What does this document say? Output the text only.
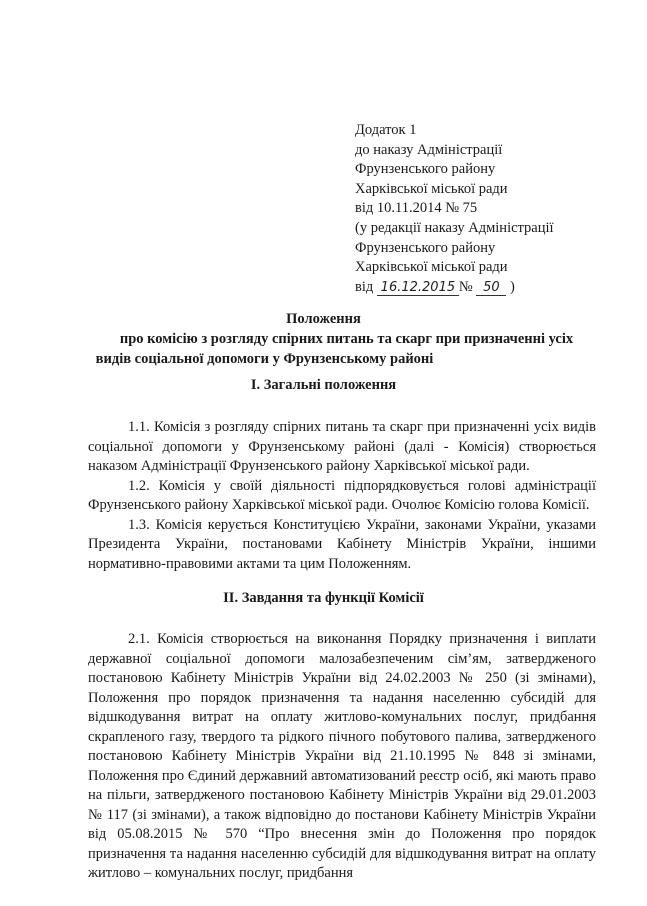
Додаток 1
до наказу Адміністрації
Фрунзенського району
Харківської міської ради
від 10.11.2014 № 75
(у редакції наказу Адміністрації
Фрунзенського району
Харківської міської ради
від 16.12.2015 № 50 )
Положення
про комісію з розгляду спірних питань та скарг при призначенні усіх
видів соціальної допомоги у Фрунзенському районі
І. Загальні положення

1.1. Комісія з розгляду спірних питань та скарг при призначенні усіх видів соціальної допомоги у Фрунзенському районі (далі - Комісія) створюється наказом Адміністрації Фрунзенського району Харківської міської ради.

1.2. Комісія у своїй діяльності підпорядковується голові адміністрації Фрунзенського району Харківської міської ради. Очолює Комісію голова Комісії.

1.3. Комісія керується Конституцією України, законами України, указами Президента України, постановами Кабінету Міністрів України, іншими нормативно-правовими актами та цим Положенням.

ІІ. Завдання та функції Комісії

2.1. Комісія створюється на виконання Порядку призначення і виплати державної соціальної допомоги малозабезпеченим сім’ям, затвердженого постановою Кабінету Міністрів України від 24.02.2003 № 250 (зі змінами), Положення про порядок призначення та надання населенню субсидій для відшкодування витрат на оплату житлово-комунальних послуг, придбання скрапленого газу, твердого та рідкого пічного побутового палива, затвердженого постановою Кабінету Міністрів України від 21.10.1995 № 848 зі змінами, Положення про Єдиний державний автоматизований реєстр осіб, які мають право на пільги, затвердженого постановою Кабінету Міністрів України від 29.01.2003 № 117 (зі змінами), а також відповідно до постанови Кабінету Міністрів України від 05.08.2015 № 570 “Про внесення змін до Положення про порядок призначення та надання населенню субсидій для відшкодування витрат на оплату житлово – комунальних послуг, придбання
